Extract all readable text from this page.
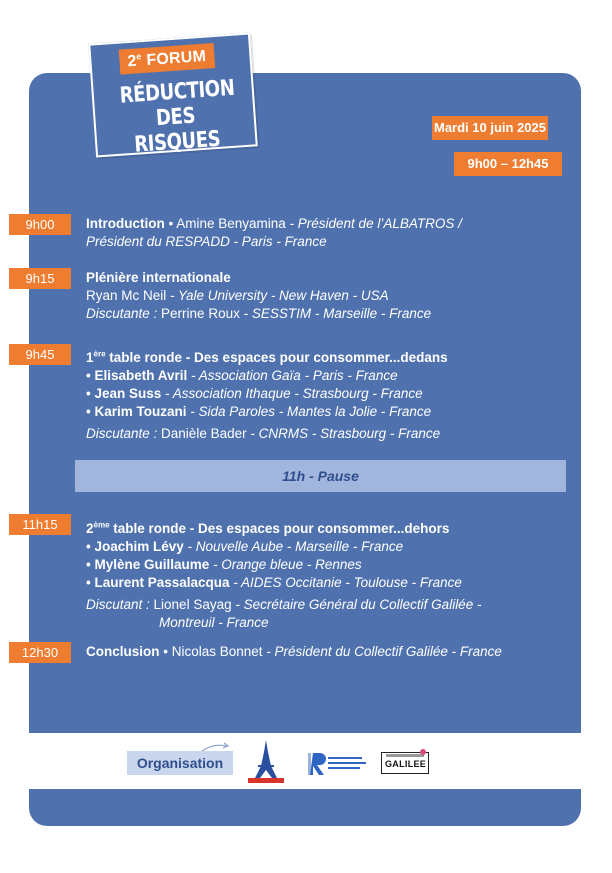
2e FORUM
RÉDUCTION
DES RISQUES	Mardi 10 juin 2025
9h00 – 12h45
9h00	Introduction • Amine Benyamina - Président de l’ALBATROS /
Président du RESPADD - Paris - France
9h15	Plénière internationale
Ryan Mc Neil - Yale University - New Haven - USA
Discutante : Perrine Roux - SESSTIM - Marseille - France
9h45	1ère table ronde - Des espaces pour consommer...dedans
• Elisabeth Avril - Association Gaïa - Paris - France
• Jean Suss - Association Ithaque - Strasbourg - France
• Karim Touzani - Sida Paroles - Mantes la Jolie - France
Discutante : Danièle Bader - CNRMS - Strasbourg - France
11h - Pause
11h15	2ème table ronde - Des espaces pour consommer...dehors
• Joachim Lévy - Nouvelle Aube - Marseille - France
• Mylène Guillaume - Orange bleue - Rennes
• Laurent Passalacqua - AIDES Occitanie - Toulouse - France
Discutant : Lionel Sayag - Secrétaire Général du Collectif Galilée -
Montreuil - France
12h30	Conclusion • Nicolas Bonnet - Président du Collectif Galilée - France
Organisation	GALILEE
